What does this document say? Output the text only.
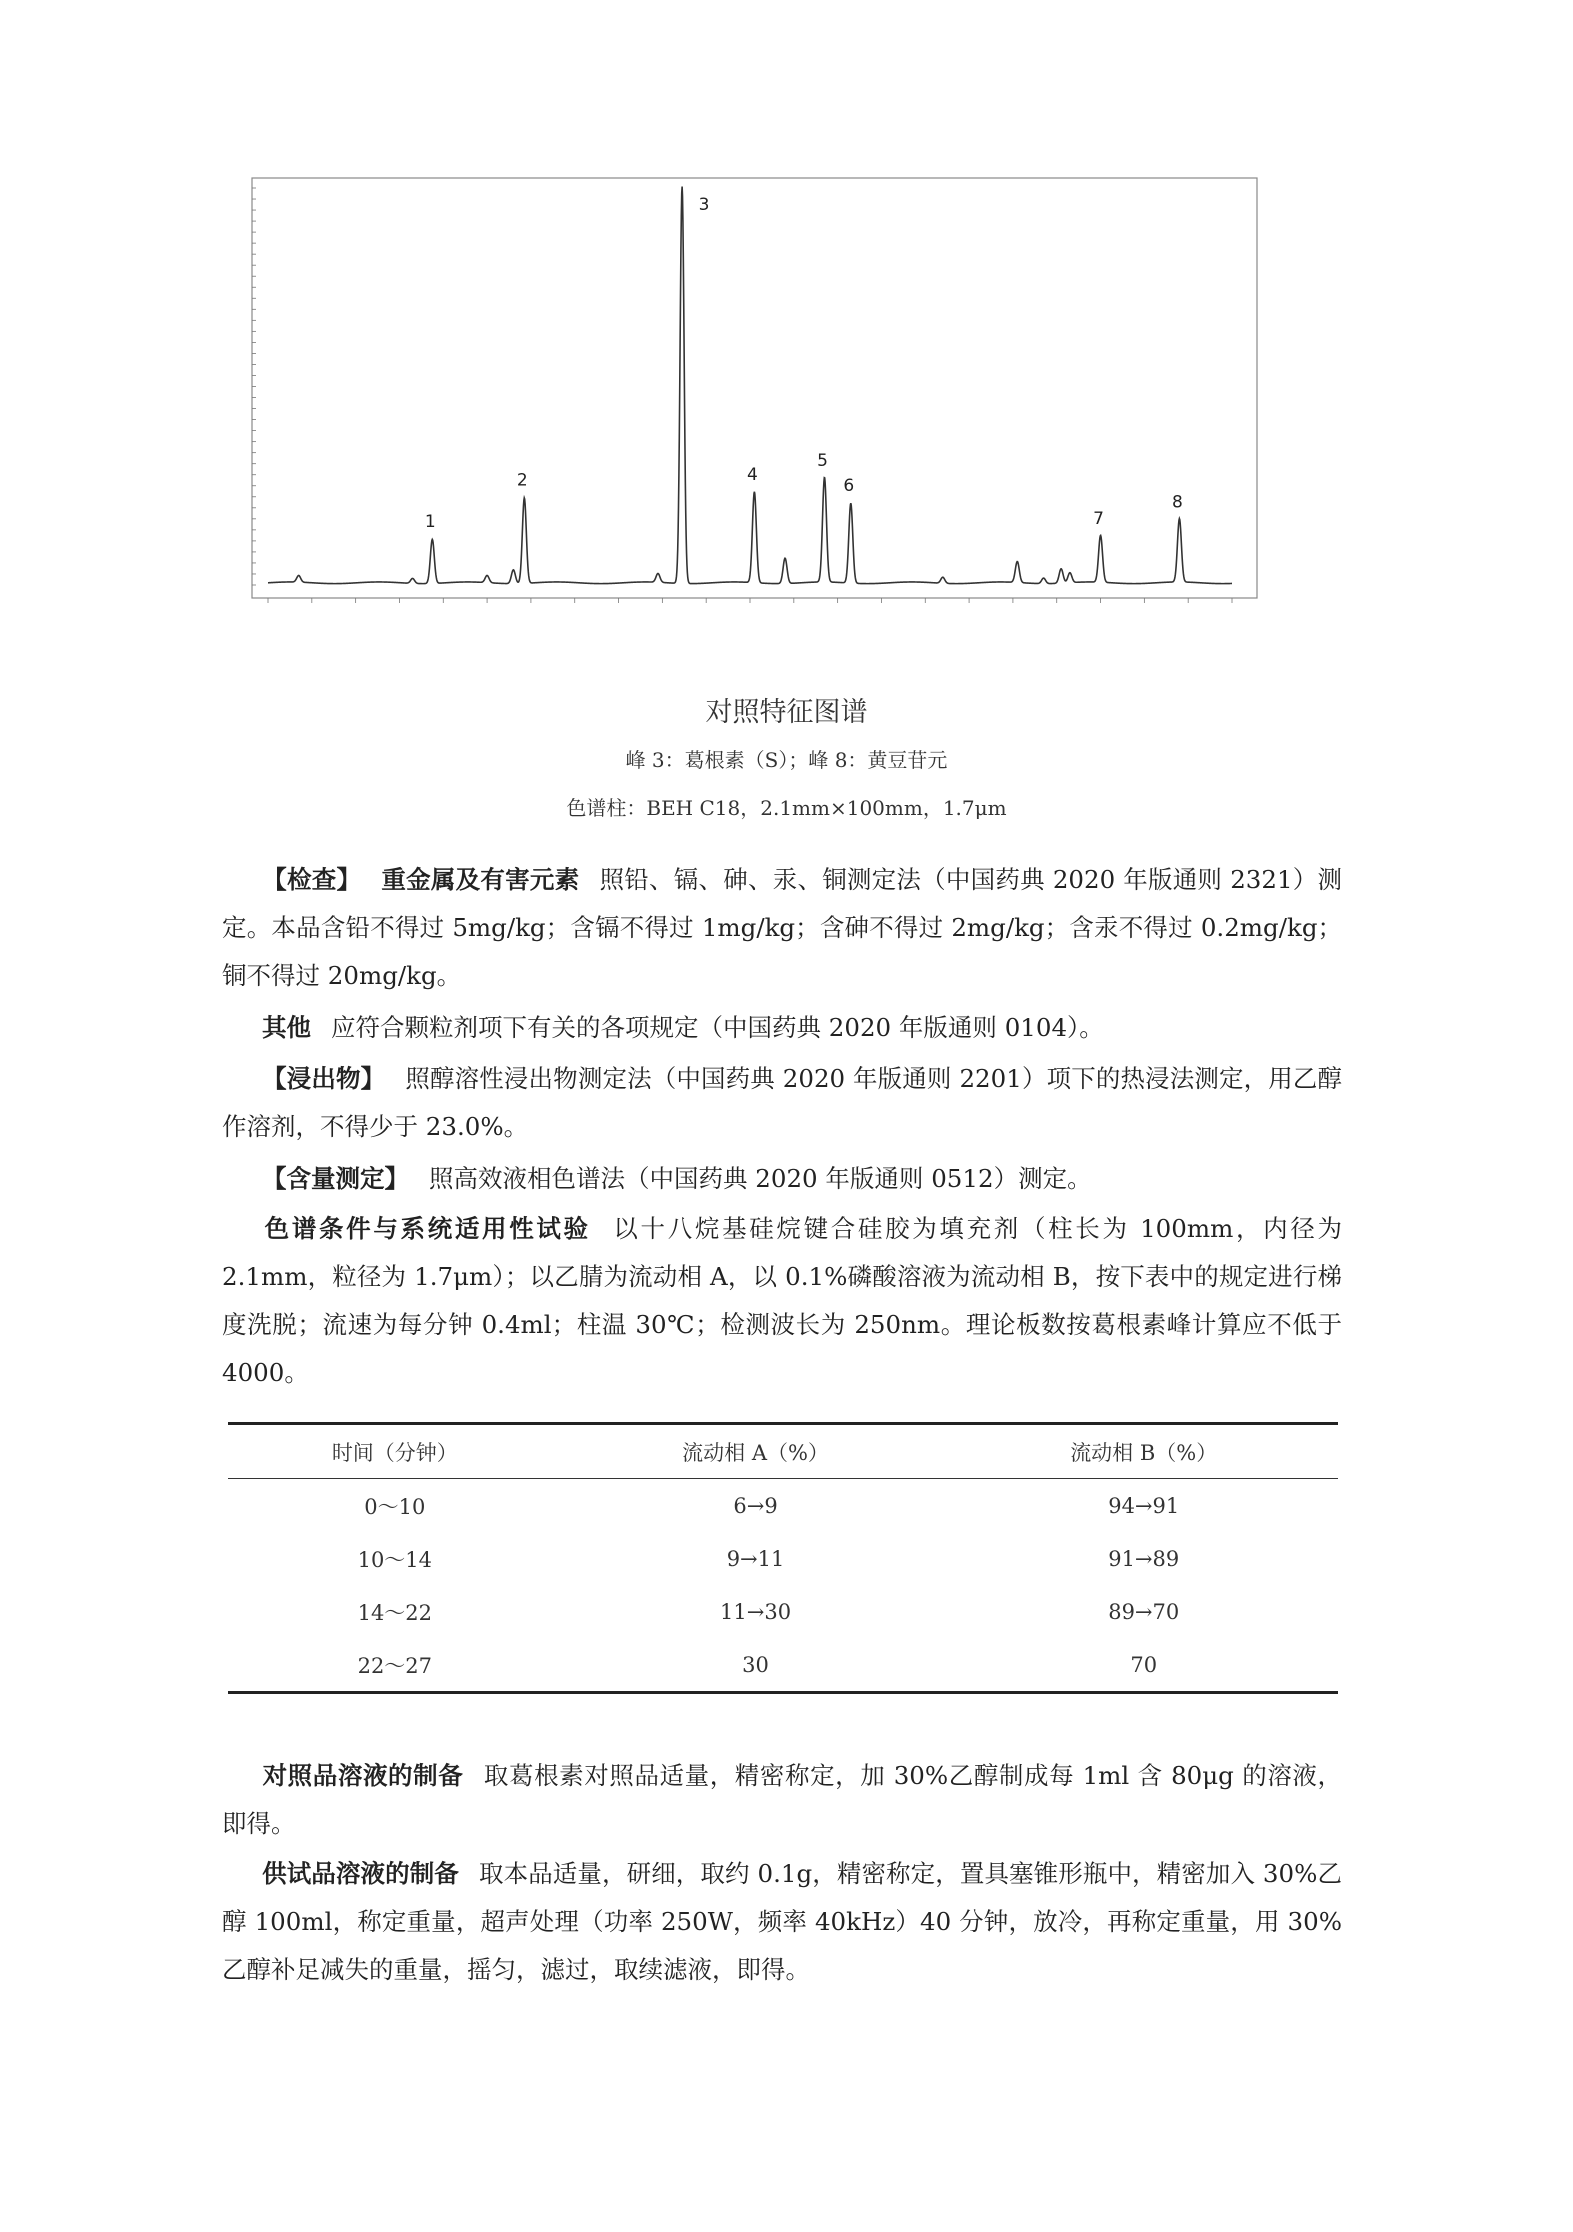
1
2
3
4
5
6
7
8
对照特征图谱
峰 3：葛根素（S）；峰 8：黄豆苷元
色谱柱：BEH C18，2.1mm×100mm，1.7μm
【检查】 重金属及有害元素 照铅、镉、砷、汞、铜测定法（中国药典 2020 年版通则 2321）测定。本品含铅不得过 5mg/kg；含镉不得过 1mg/kg；含砷不得过 2mg/kg；含汞不得过 0.2mg/kg；铜不得过 20mg/kg。
其他 应符合颗粒剂项下有关的各项规定（中国药典 2020 年版通则 0104）。
【浸出物】 照醇溶性浸出物测定法（中国药典 2020 年版通则 2201）项下的热浸法测定，用乙醇作溶剂，不得少于 23.0%。
【含量测定】 照高效液相色谱法（中国药典 2020 年版通则 0512）测定。
色谱条件与系统适用性试验 以十八烷基硅烷键合硅胶为填充剂（柱长为 100mm，内径为 2.1mm，粒径为 1.7μm）；以乙腈为流动相 A，以 0.1%磷酸溶液为流动相 B，按下表中的规定进行梯度洗脱；流速为每分钟 0.4ml；柱温 30℃；检测波长为 250nm。理论板数按葛根素峰计算应不低于 4000。
时间（分钟）	流动相 A（%）	流动相 B（%）
0～10	6→9	94→91
10～14	9→11	91→89
14～22	11→30	89→70
22～27	30	70
对照品溶液的制备 取葛根素对照品适量，精密称定，加 30%乙醇制成每 1ml 含 80μg 的溶液，即得。
供试品溶液的制备 取本品适量，研细，取约 0.1g，精密称定，置具塞锥形瓶中，精密加入 30%乙醇 100ml，称定重量，超声处理（功率 250W，频率 40kHz）40 分钟，放冷，再称定重量，用 30%乙醇补足减失的重量，摇匀，滤过，取续滤液，即得。
